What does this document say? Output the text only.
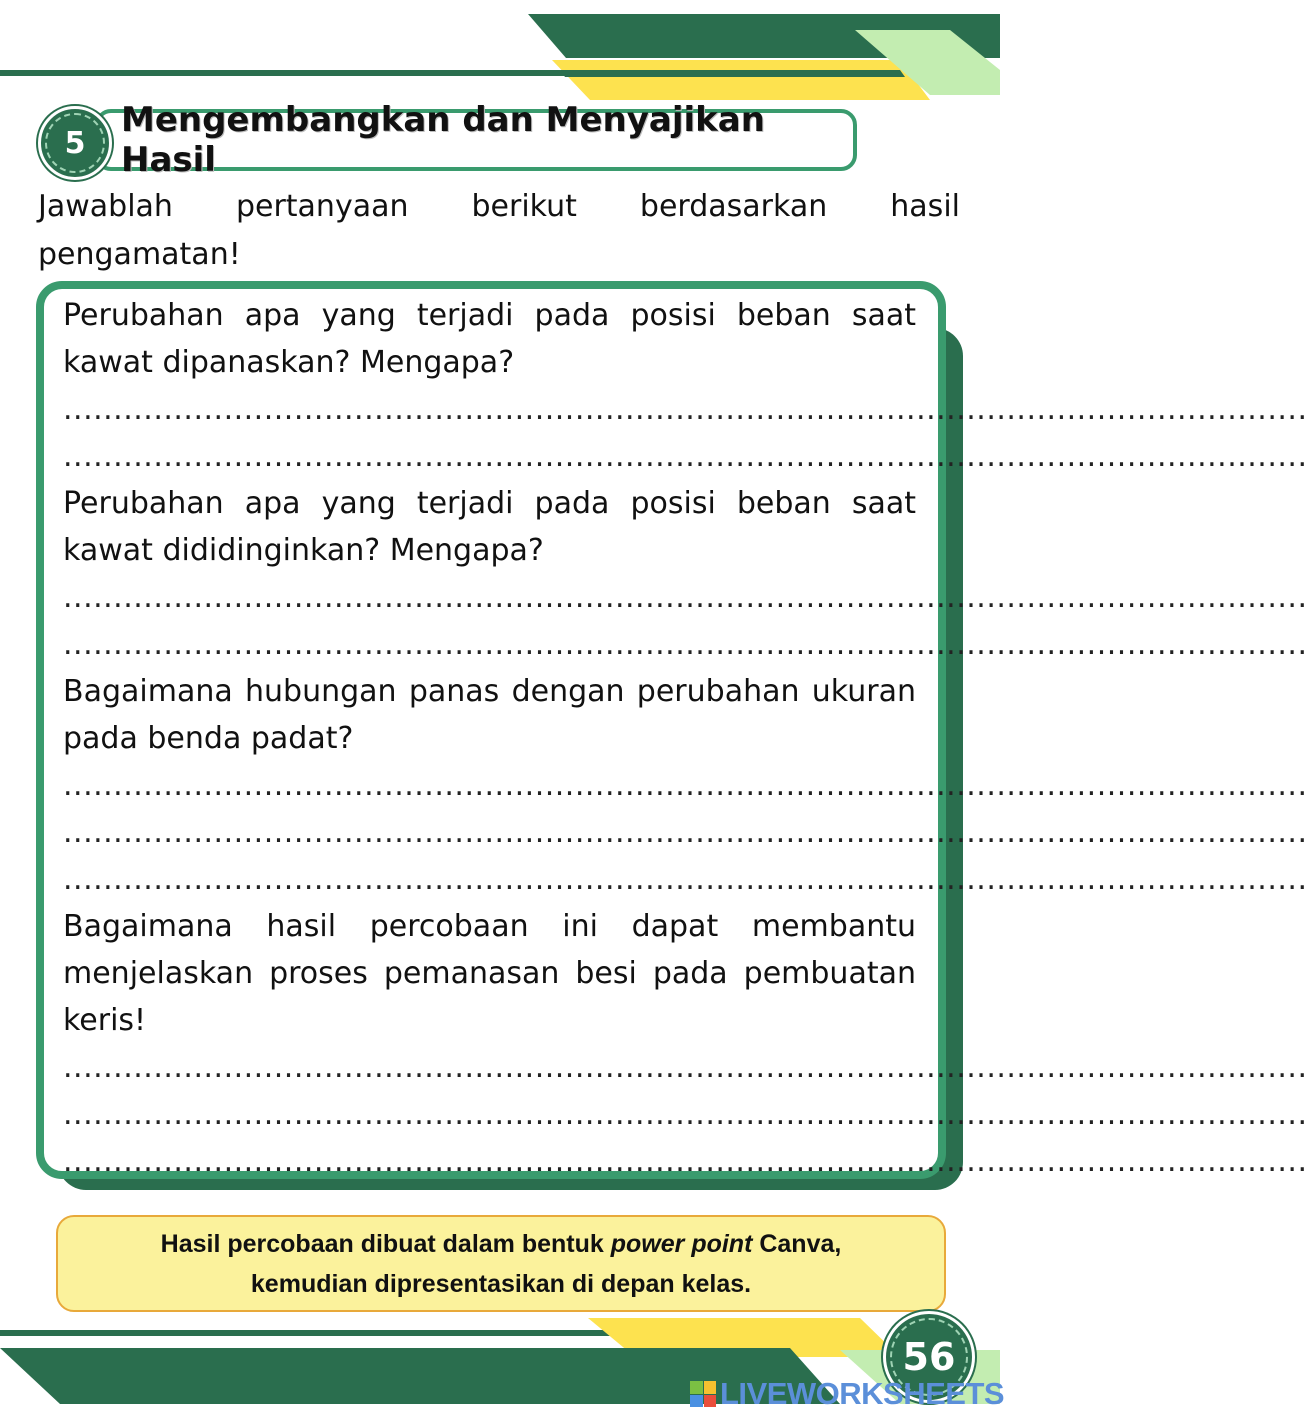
5
Mengembangkan dan Menyajikan Hasil
Jawablah pertanyaan berikut berdasarkan hasil
pengamatan!

Perubahan apa yang terjadi pada posisi beban saat kawat dipanaskan? Mengapa?

............................................................................................................................
............................................................................................................................

Perubahan apa yang terjadi pada posisi beban saat kawat dididinginkan? Mengapa?

............................................................................................................................
............................................................................................................................

Bagaimana hubungan panas dengan perubahan ukuran pada benda padat?

............................................................................................................................
............................................................................................................................
............................................................................................................................

Bagaimana hasil percobaan ini dapat membantu menjelaskan proses pemanasan besi pada pembuatan keris!

............................................................................................................................
............................................................................................................................
............................................................................................................................
Hasil percobaan dibuat dalam bentuk power point Canva,
kemudian dipresentasikan di depan kelas.
56
LIVEWORKSHEETS
